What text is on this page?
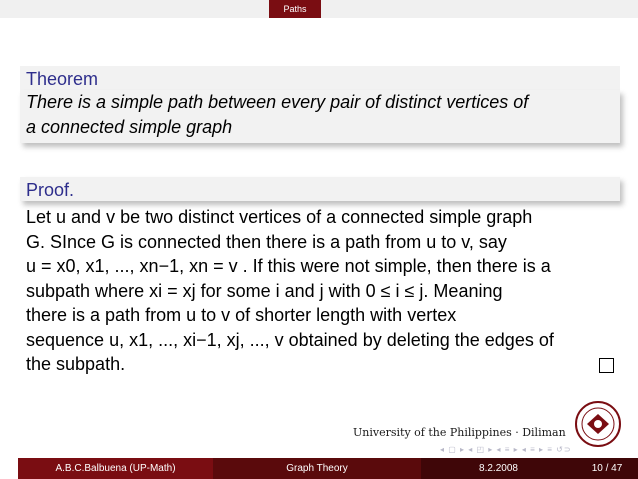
Paths
Theorem
There is a simple path between every pair of distinct vertices of
a connected simple graph
Proof.
Let u and v be two distinct vertices of a connected simple graph
G. SInce G is connected then there is a path from u to v, say
u = x0, x1, ..., xn−1, xn = v . If this were not simple, then there is a
subpath where xi = xj for some i and j with 0 ≤ i ≤ j. Meaning
there is a path from u to v of shorter length with vertex
sequence u, x1, ..., xi−1, xj, ..., v obtained by deleting the edges of
the subpath.
University of the Philippines · Diliman
◂ ▢ ▸ ◂ ◰ ▸ ◂ ≡ ▸ ◂ ≡ ▸ ≡ ↺⊃
A.B.C.Balbuena (UP-Math)	Graph Theory	8.2.2008	10 / 47
